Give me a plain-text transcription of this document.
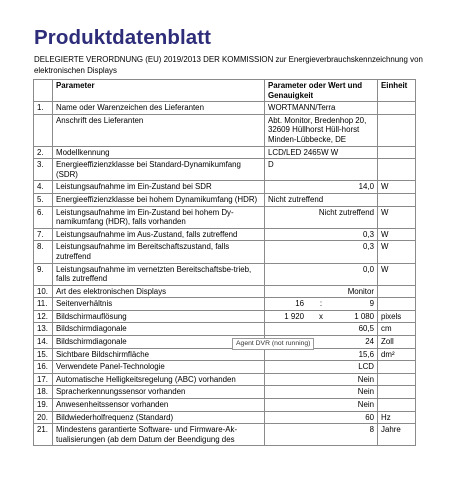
Produktdatenblatt
DELEGIERTE VERORDNUNG (EU) 2019/2013 DER KOMMISSION zur Energieverbrauchskennzeichnung von elektronischen Displays
	Parameter	Parameter oder Wert und Genauigkeit	Einheit
1.	Name oder Warenzeichen des Lieferanten	WORTMANN/Terra	
	Anschrift des Lieferanten	Abt. Monitor, Bredenhop 20, 32609 Hüllhorst Hüll-horst Minden-Lübbecke, DE	
2.	Modellkennung	LCD/LED 2465W W	
3.	Energieeffizienzklasse bei Standard-Dynamikumfang (SDR)	D	
4.	Leistungsaufnahme im Ein-Zustand bei SDR	14,0	W
5.	Energieeffizienzklasse bei hohem Dynamikumfang (HDR)	Nicht zutreffend	
6.	Leistungsaufnahme im Ein-Zustand bei hohem Dy-namikumfang (HDR), falls vorhanden	Nicht zutreffend	W
7.	Leistungsaufnahme im Aus-Zustand, falls zutreffend	0,3	W
8.	Leistungsaufnahme im Bereitschaftszustand, falls zutreffend	0,3	W
9.	Leistungsaufnahme im vernetzten Bereitschaftsbe-trieb, falls zutreffend	0,0	W
10.	Art des elektronischen Displays	Monitor	
11.	Seitenverhältnis	16 : 9	

12.	Bildschirmauflösung	1 920 x 1 080	pixels
13.	Bildschirmdiagonale	60,5	cm
14.	Bildschirmdiagonale	24	Zoll
15.	Sichtbare Bildschirmfläche	15,6	dm²
16.	Verwendete Panel-Technologie	LCD	
17.	Automatische Helligkeitsregelung (ABC) vorhanden	Nein	
18.	Spracherkennungssensor vorhanden	Nein	
19.	Anwesenheitssensor vorhanden	Nein	
20.	Bildwiederholfrequenz (Standard)	60	Hz
21.	Mindestens garantierte Software- und Firmware-Ak-tualisierungen (ab dem Datum der Beendigung des	8	Jahre
Agent DVR (not running)
